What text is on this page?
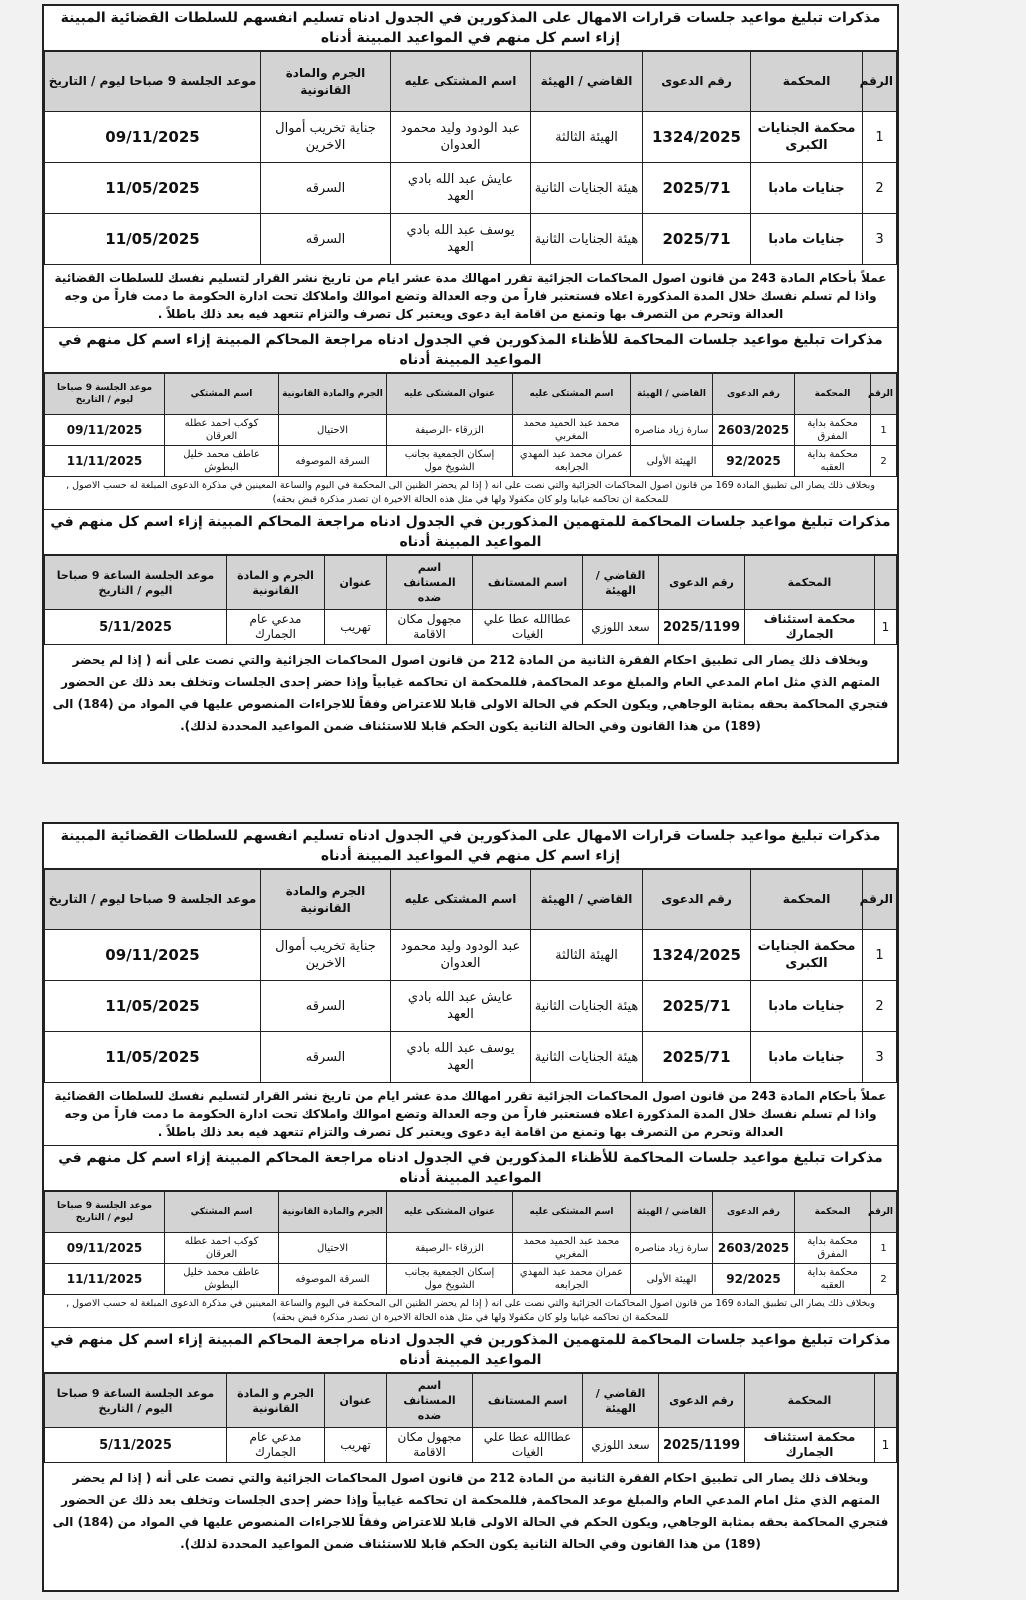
مذكرات تبليغ مواعيد جلسات قرارات الامهال على المذكورين في الجدول ادناه تسليم انفسهم للسلطات القضائية المبينة إزاء اسم كل منهم في المواعيد المبينة أدناه
الرقم	المحكمة	رقم الدعوى	القاضي / الهيئة	اسم المشتكى عليه	الجرم والمادة القانونية	موعد الجلسة 9 صباحا ليوم / التاريخ
1	محكمة الجنايات الكبرى	1324/2025	الهيئة الثالثة	عبد الودود وليد محمود العدوان	جناية تخريب أموال الاخرين	09/11/2025
2	جنايات مادبا	2025/71	هيئة الجنايات الثانية	عايش عبد الله بادي العهد	السرقه	11/05/2025
3	جنايات مادبا	2025/71	هيئة الجنايات الثانية	يوسف عبد الله بادي العهد	السرقه	11/05/2025
عملاً بأحكام المادة 243 من قانون اصول المحاكمات الجزائية تقرر امهالك مدة عشر ايام من تاريخ نشر القرار لتسليم نفسك للسلطات القضائية واذا لم تسلم نفسك خلال المدة المذكورة اعلاه فستعتبر فاراً من وجه العدالة وتضع اموالك واملاكك تحت ادارة الحكومة ما دمت فاراً من وجه العدالة وتحرم من التصرف بها وتمنع من اقامة اية دعوى ويعتبر كل تصرف والتزام تتعهد فيه بعد ذلك باطلاً .
مذكرات تبليغ مواعيد جلسات المحاكمة للأظناء المذكورين في الجدول ادناه مراجعة المحاكم المبينة إزاء اسم كل منهم في المواعيد المبينة أدناه
الرقم	المحكمة	رقم الدعوى	القاضي / الهيئة	اسم المشتكى عليه	عنوان المشتكى عليه	الجرم والمادة القانونية	اسم المشتكي	موعد الجلسة 9 صباحا ليوم / التاريخ
1	محكمة بداية المفرق	2603/2025	سارة زياد مناصره	محمد عبد الحميد محمد المغربي	الزرقاء -الرصيفة	الاحتيال	كوكب احمد عطله العرقان	09/11/2025
2	محكمة بداية العقبه	92/2025	الهيئة الأولى	عمران محمد عبد المهدي الجرابعه	إسكان الجمعية بجانب الشويخ مول	السرقة الموصوفه	عاطف محمد خليل البطوش	11/11/2025
وبخلاف ذلك يصار الى تطبيق المادة 169 من قانون اصول المحاكمات الجزائية والتي نصت على انه ( إذا لم يحضر الظنين الى المحكمة في اليوم والساعة المعينين في مذكرة الدعوى المبلغة له حسب الاصول , للمحكمة ان تحاكمه غيابيا ولو كان مكفولا ولها في مثل هذه الحالة الاخيرة ان تصدر مذكرة قبض بحقه)
مذكرات تبليغ مواعيد جلسات المحاكمة للمتهمين المذكورين في الجدول ادناه مراجعة المحاكم المبينة إزاء اسم كل منهم في المواعيد المبينة أدناه
	المحكمة	رقم الدعوى	القاضي / الهيئة	اسم المستانف	اسم المستانف ضده	عنوان	الجرم و المادة القانونية	موعد الجلسة الساعة 9 صباحا اليوم / التاريخ
1	محكمة استئناف الجمارك	2025/1199	سعد اللوزي	عطاالله عطا علي الغيات	مجهول مكان الاقامة	تهريب	مدعي عام الجمارك	5/11/2025
وبخلاف ذلك يصار الى تطبيق احكام الفقرة الثانية من المادة 212 من قانون اصول المحاكمات الجزائية والتي نصت على أنه ( إذا لم يحضر المتهم الذي مثل امام المدعي العام والمبلغ موعد المحاكمة, فللمحكمة ان تحاكمه غيابياً وإذا حضر إحدى الجلسات وتخلف بعد ذلك عن الحضور فتجري المحاكمة بحقه بمثابة الوجاهي, ويكون الحكم في الحالة الاولى قابلا للاعتراض وفقاً للاجراءات المنصوص عليها في المواد من (184) الى (189) من هذا القانون وفي الحالة الثانية يكون الحكم قابلا للاستئناف ضمن المواعيد المحددة لذلك).
مذكرات تبليغ مواعيد جلسات قرارات الامهال على المذكورين في الجدول ادناه تسليم انفسهم للسلطات القضائية المبينة إزاء اسم كل منهم في المواعيد المبينة أدناه
الرقم	المحكمة	رقم الدعوى	القاضي / الهيئة	اسم المشتكى عليه	الجرم والمادة القانونية	موعد الجلسة 9 صباحا ليوم / التاريخ
1	محكمة الجنايات الكبرى	1324/2025	الهيئة الثالثة	عبد الودود وليد محمود العدوان	جناية تخريب أموال الاخرين	09/11/2025
2	جنايات مادبا	2025/71	هيئة الجنايات الثانية	عايش عبد الله بادي العهد	السرقه	11/05/2025
3	جنايات مادبا	2025/71	هيئة الجنايات الثانية	يوسف عبد الله بادي العهد	السرقه	11/05/2025
عملاً بأحكام المادة 243 من قانون اصول المحاكمات الجزائية تقرر امهالك مدة عشر ايام من تاريخ نشر القرار لتسليم نفسك للسلطات القضائية واذا لم تسلم نفسك خلال المدة المذكورة اعلاه فستعتبر فاراً من وجه العدالة وتضع اموالك واملاكك تحت ادارة الحكومة ما دمت فاراً من وجه العدالة وتحرم من التصرف بها وتمنع من اقامة اية دعوى ويعتبر كل تصرف والتزام تتعهد فيه بعد ذلك باطلاً .
مذكرات تبليغ مواعيد جلسات المحاكمة للأظناء المذكورين في الجدول ادناه مراجعة المحاكم المبينة إزاء اسم كل منهم في المواعيد المبينة أدناه
الرقم	المحكمة	رقم الدعوى	القاضي / الهيئة	اسم المشتكى عليه	عنوان المشتكى عليه	الجرم والمادة القانونية	اسم المشتكي	موعد الجلسة 9 صباحا ليوم / التاريخ
1	محكمة بداية المفرق	2603/2025	سارة زياد مناصره	محمد عبد الحميد محمد المغربي	الزرقاء -الرصيفة	الاحتيال	كوكب احمد عطله العرقان	09/11/2025
2	محكمة بداية العقبه	92/2025	الهيئة الأولى	عمران محمد عبد المهدي الجرابعه	إسكان الجمعية بجانب الشويخ مول	السرقة الموصوفه	عاطف محمد خليل البطوش	11/11/2025
وبخلاف ذلك يصار الى تطبيق المادة 169 من قانون اصول المحاكمات الجزائية والتي نصت على انه ( إذا لم يحضر الظنين الى المحكمة في اليوم والساعة المعينين في مذكرة الدعوى المبلغة له حسب الاصول , للمحكمة ان تحاكمه غيابيا ولو كان مكفولا ولها في مثل هذه الحالة الاخيرة ان تصدر مذكرة قبض بحقه)
مذكرات تبليغ مواعيد جلسات المحاكمة للمتهمين المذكورين في الجدول ادناه مراجعة المحاكم المبينة إزاء اسم كل منهم في المواعيد المبينة أدناه
	المحكمة	رقم الدعوى	القاضي / الهيئة	اسم المستانف	اسم المستانف ضده	عنوان	الجرم و المادة القانونية	موعد الجلسة الساعة 9 صباحا اليوم / التاريخ
1	محكمة استئناف الجمارك	2025/1199	سعد اللوزي	عطاالله عطا علي الغيات	مجهول مكان الاقامة	تهريب	مدعي عام الجمارك	5/11/2025
وبخلاف ذلك يصار الى تطبيق احكام الفقرة الثانية من المادة 212 من قانون اصول المحاكمات الجزائية والتي نصت على أنه ( إذا لم يحضر المتهم الذي مثل امام المدعي العام والمبلغ موعد المحاكمة, فللمحكمة ان تحاكمه غيابياً وإذا حضر إحدى الجلسات وتخلف بعد ذلك عن الحضور فتجري المحاكمة بحقه بمثابة الوجاهي, ويكون الحكم في الحالة الاولى قابلا للاعتراض وفقاً للاجراءات المنصوص عليها في المواد من (184) الى (189) من هذا القانون وفي الحالة الثانية يكون الحكم قابلا للاستئناف ضمن المواعيد المحددة لذلك).
